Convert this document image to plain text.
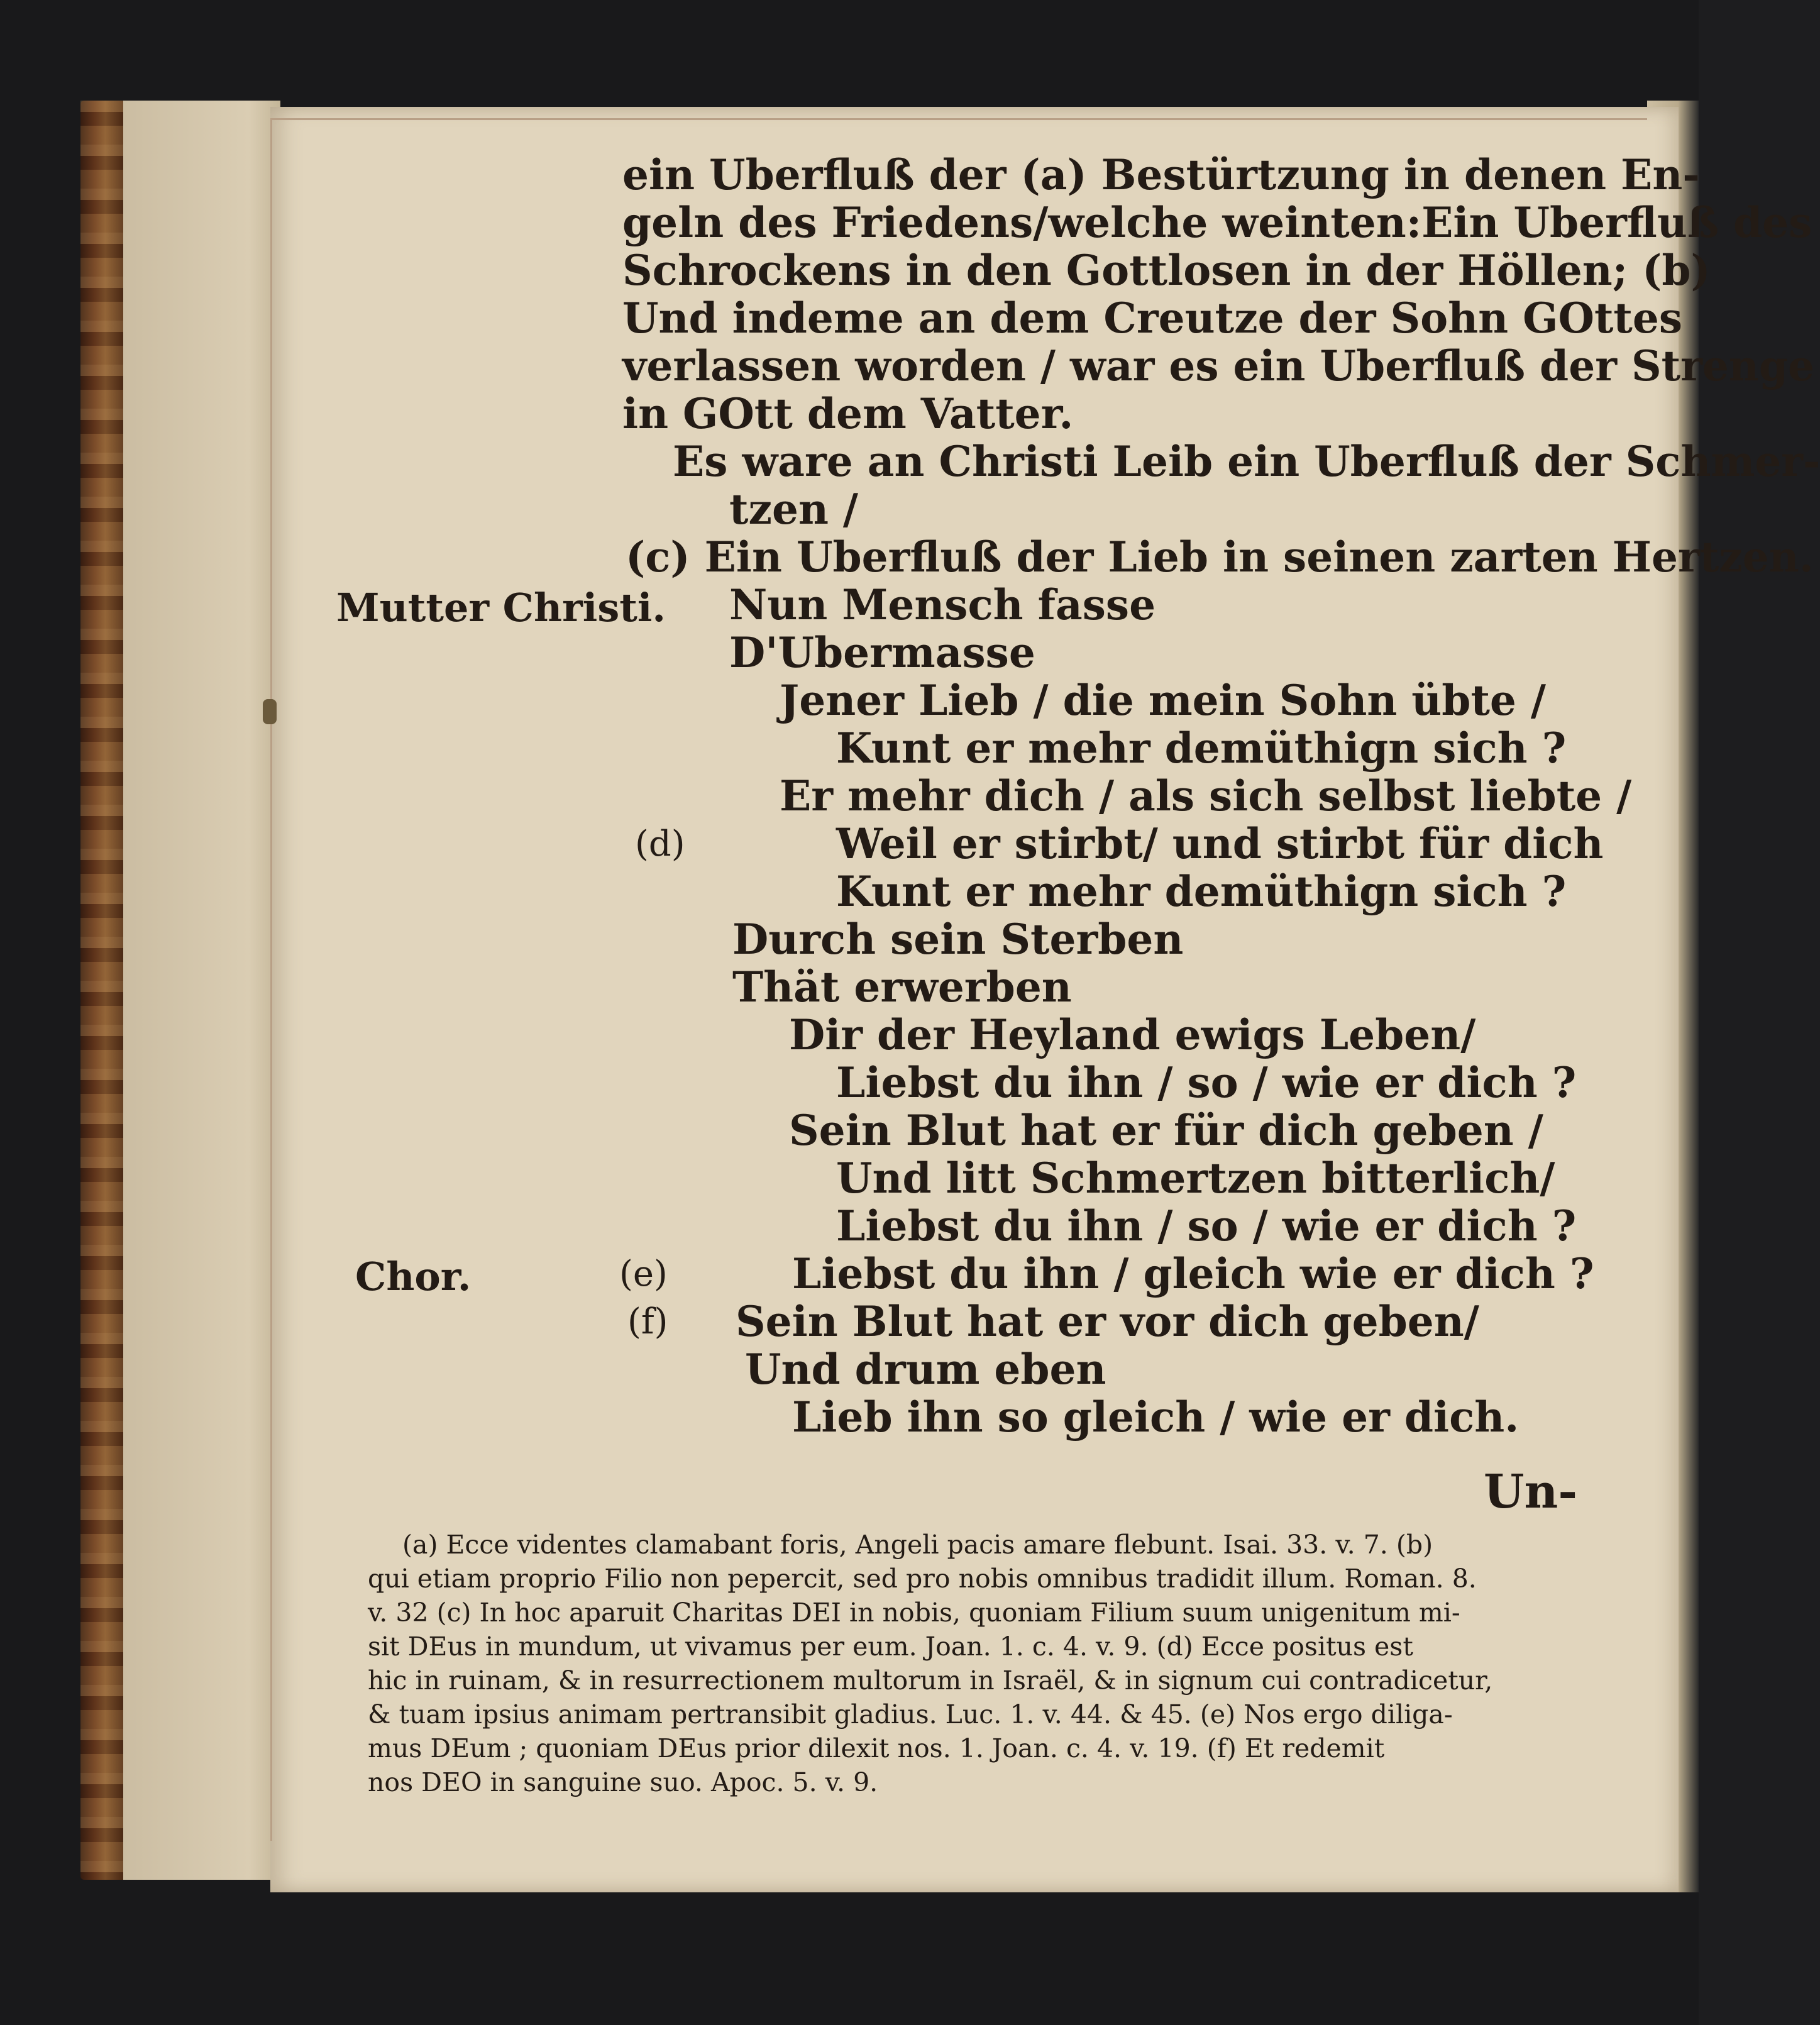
ein Uberfluß der (a) Bestürtzung in denen En-
geln des Friedens/welche weinten:Ein Uberfluß des
Schrockens in den Gottlosen in der Höllen; (b)
Und indeme an dem Creutze der Sohn GOttes
verlassen worden / war es ein Uberfluß der Strenge
in GOtt dem Vatter.
Es ware an Christi Leib ein Uberfluß der Schmer-
tzen /
(c) Ein Uberfluß der Lieb in seinen zarten Hertzen.
Nun Mensch fasse
D'Ubermasse
Jener Lieb / die mein Sohn übte /
Kunt er mehr demüthign sich ?
Er mehr dich / als sich selbst liebte /
Weil er stirbt/ und stirbt für dich
Kunt er mehr demüthign sich ?
Durch sein Sterben
Thät erwerben
Dir der Heyland ewigs Leben/
Liebst du ihn / so / wie er dich ?
Sein Blut hat er für dich geben /
Und litt Schmertzen bitterlich/
Liebst du ihn / so / wie er dich ?
Liebst du ihn / gleich wie er dich ?
Sein Blut hat er vor dich geben/
Und drum eben
Lieb ihn so gleich / wie er dich.
Mutter Christi.
Chor.
(d)
(e)
(f)
Un-
(a) Ecce videntes clamabant foris, Angeli pacis amare flebunt. Isai. 33. v. 7. (b)
qui etiam proprio Filio non pepercit, sed pro nobis omnibus tradidit illum. Roman. 8.
v. 32 (c) In hoc aparuit Charitas DEI in nobis, quoniam Filium suum unigenitum mi-
sit DEus in mundum, ut vivamus per eum. Joan. 1. c. 4. v. 9. (d) Ecce positus est
hic in ruinam, & in resurrectionem multorum in Israël, & in signum cui contradicetur,
& tuam ipsius animam pertransibit gladius. Luc. 1. v. 44. & 45. (e) Nos ergo diliga-
mus DEum ; quoniam DEus prior dilexit nos. 1. Joan. c. 4. v. 19. (f) Et redemit
nos DEO in sanguine suo. Apoc. 5. v. 9.
